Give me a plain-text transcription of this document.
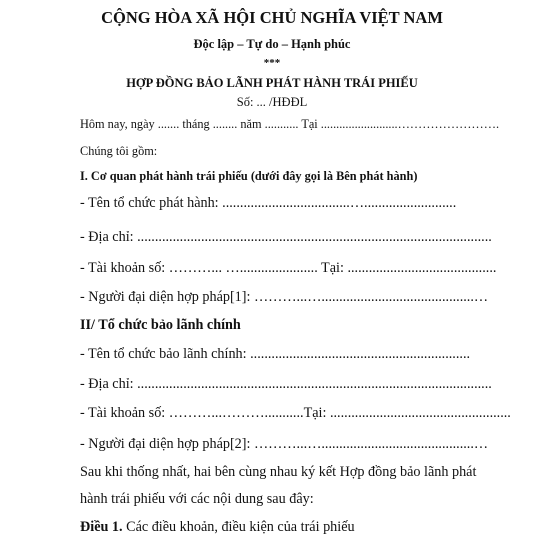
CỘNG HÒA XÃ HỘI CHỦ NGHĨA VIỆT NAM
Độc lập – Tự do – Hạnh phúc
***
HỢP ĐỒNG BẢO LÃNH PHÁT HÀNH TRÁI PHIẾU
Số: ... /HĐĐL
Hôm nay, ngày ....... tháng ........ năm ........... Tại .........................…………………….
Chúng tôi gồm:
I. Cơ quan phát hành trái phiếu (dưới đây gọi là Bên phát hành)
- Tên tổ chức phát hành: ....................................…..........................
- Địa chỉ: ....................................................................................................
- Tài khoản số: ………... …...................... Tại: ..........................................
- Người đại diện hợp pháp[1]: ………...…...........................................…
II/ Tổ chức bảo lãnh chính
- Tên tổ chức bảo lãnh chính: ..............................................................
- Địa chỉ: ....................................................................................................
- Tài khoản số: ………...………...........Tại: ...................................................
- Người đại diện hợp pháp[2]: ………...…...........................................…
Sau khi thống nhất, hai bên cùng nhau ký kết Hợp đồng bảo lãnh phát
hành trái phiếu với các nội dung sau đây:
Điều 1. Các điều khoản, điều kiện của trái phiếu
